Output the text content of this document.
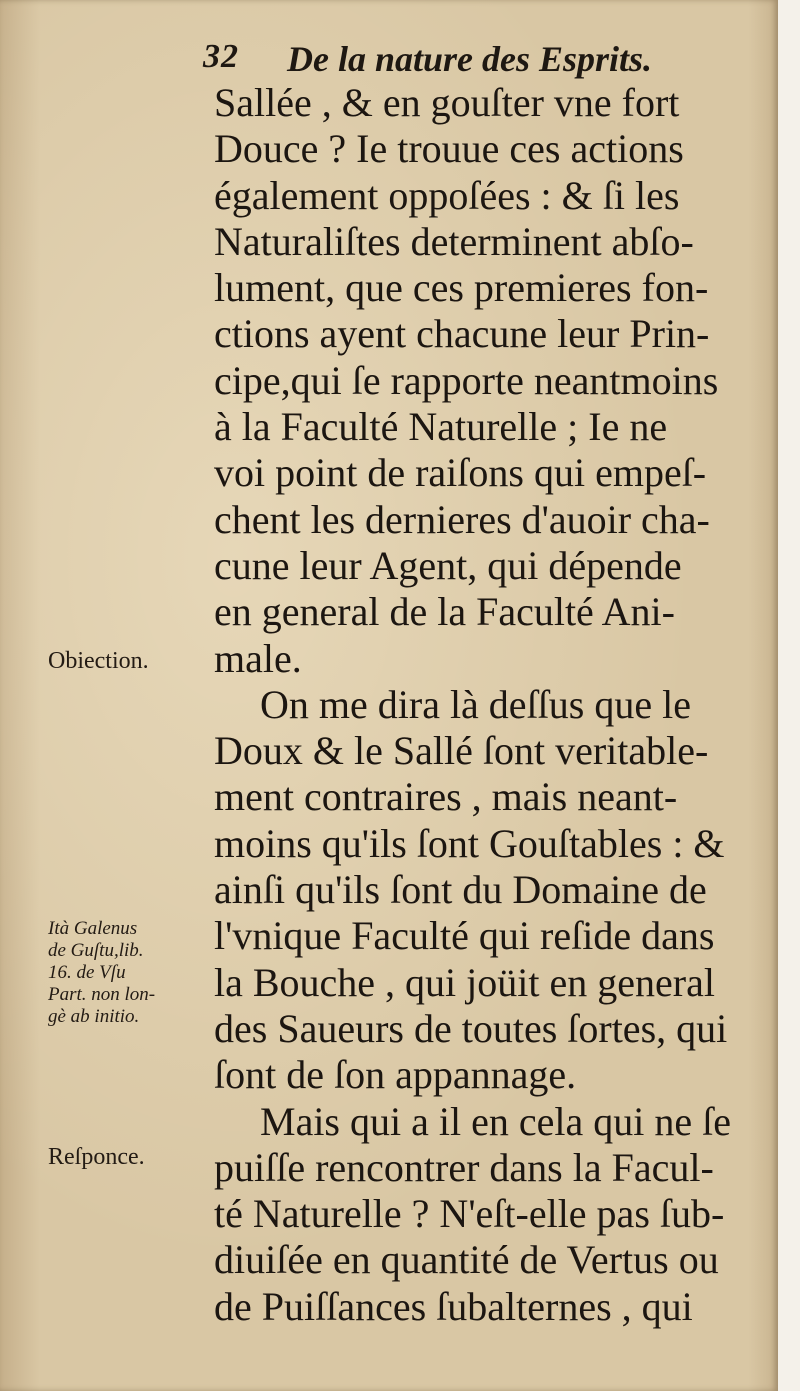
32 De la nature des Esprits.
Sallée , & en gouſter vne fort
Douce ? Ie trouue ces actions
également oppoſées : & ſi les
Naturaliſtes determinent abſo-
lument, que ces premieres fon-
ctions ayent chacune leur Prin-
cipe,qui ſe rapporte neantmoins
à la Faculté Naturelle ; Ie ne
voi point de raiſons qui empeſ-
chent les dernieres d'auoir cha-
cune leur Agent, qui dépende
en general de la Faculté Ani-
male.
On me dira là deſſus que le
Doux & le Sallé ſont veritable-
ment contraires , mais neant-
moins qu'ils ſont Gouſtables : &
ainſi qu'ils ſont du Domaine de
l'vnique Faculté qui reſide dans
la Bouche , qui joüit en general
des Saueurs de toutes ſortes, qui
ſont de ſon appannage.
Mais qui a il en cela qui ne ſe
puiſſe rencontrer dans la Facul-
té Naturelle ? N'eſt-elle pas ſub-
diuiſée en quantité de Vertus ou
de Puiſſances ſubalternes , qui
Obiection.
Ità Galenus
de Guſtu,lib.
16. de Vſu
Part. non lon-
gè ab initio.
Reſponce.
